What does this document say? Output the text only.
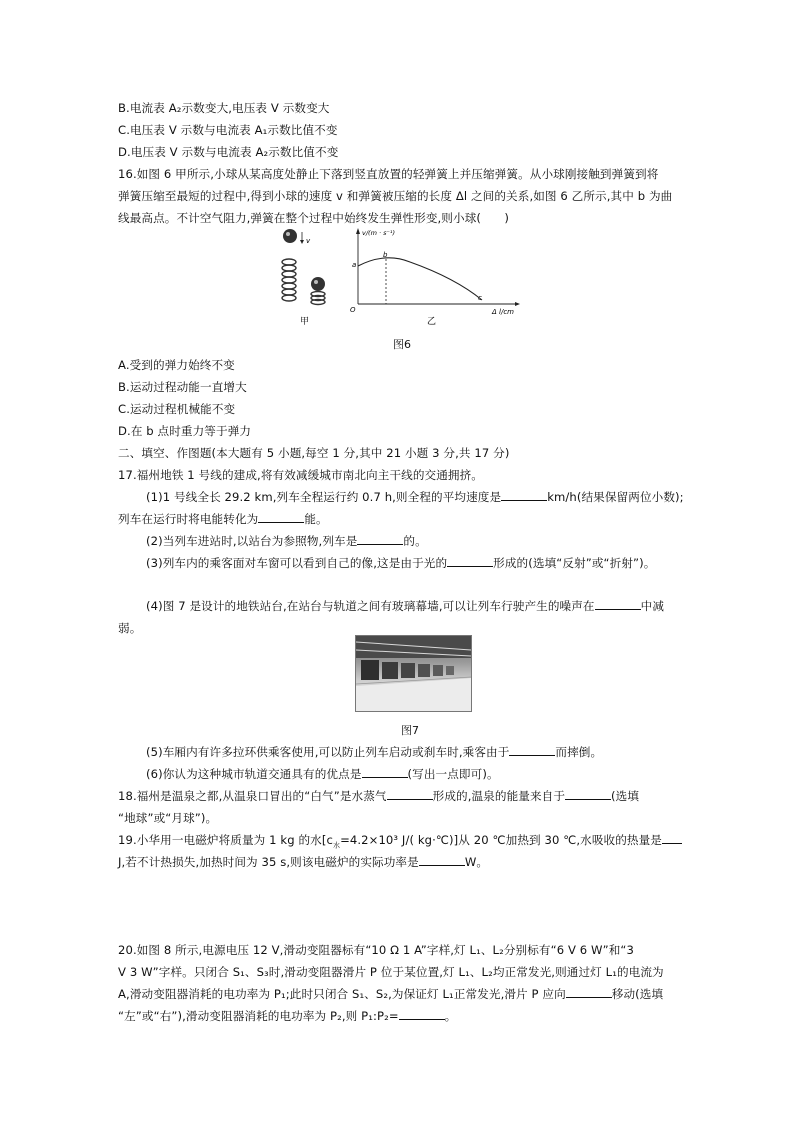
B.电流表 A₂示数变大,电压表 V 示数变大
C.电压表 V 示数与电流表 A₁示数比值不变
D.电压表 V 示数与电流表 A₂示数比值不变
16.如图 6 甲所示,小球从某高度处静止下落到竖直放置的轻弹簧上并压缩弹簧。从小球刚接触到弹簧到将
弹簧压缩至最短的过程中,得到小球的速度 v 和弹簧被压缩的长度 Δl 之间的关系,如图 6 乙所示,其中 b 为曲
线最高点。不计空气阻力,弹簧在整个过程中始终发生弹性形变,则小球(　　)
v
甲
v/(m · s⁻¹)
Δ l/cm
O
a
b
c
乙
图6
A.受到的弹力始终不变
B.运动过程动能一直增大
C.运动过程机械能不变
D.在 b 点时重力等于弹力
二、填空、作图题(本大题有 5 小题,每空 1 分,其中 21 小题 3 分,共 17 分)
17.福州地铁 1 号线的建成,将有效减缓城市南北向主干线的交通拥挤。
(1)1 号线全长 29.2 km,列车全程运行约 0.7 h,则全程的平均速度是	km/h(结果保留两位小数);
列车在运行时将电能转化为	能。
(2)当列车进站时,以站台为参照物,列车是	的。
(3)列车内的乘客面对车窗可以看到自己的像,这是由于光的	形成的(选填“反射”或“折射”)。
(4)图 7 是设计的地铁站台,在站台与轨道之间有玻璃幕墙,可以让列车行驶产生的噪声在	中减
弱。
图7
(5)车厢内有许多拉环供乘客使用,可以防止列车启动或刹车时,乘客由于	而摔倒。
(6)你认为这种城市轨道交通具有的优点是	(写出一点即可)。
18.福州是温泉之都,从温泉口冒出的“白气”是水蒸气	形成的,温泉的能量来自于	(选填
“地球”或“月球”)。
19.小华用一电磁炉将质量为 1 kg 的水[$c_水=4.2\times 10^3$ J/( kg·℃)]从 20 ℃加热到 30 ℃,水吸收的热量是
J,若不计热损失,加热时间为 35 s,则该电磁炉的实际功率是	W。
20.如图 8 所示,电源电压 12 V,滑动变阻器标有“10 Ω 1 A”字样,灯 L₁、L₂分别标有“6 V 6 W”和“3
V 3 W”字样。只闭合 S₁、S₃时,滑动变阻器滑片 P 位于某位置,灯 L₁、L₂均正常发光,则通过灯 L₁的电流为
A,滑动变阻器消耗的电功率为 P₁;此时只闭合 S₁、S₂,为保证灯 L₁正常发光,滑片 P 应向	移动(选填
“左”或“右”),滑动变阻器消耗的电功率为 P₂,则 P₁:P₂=	。
